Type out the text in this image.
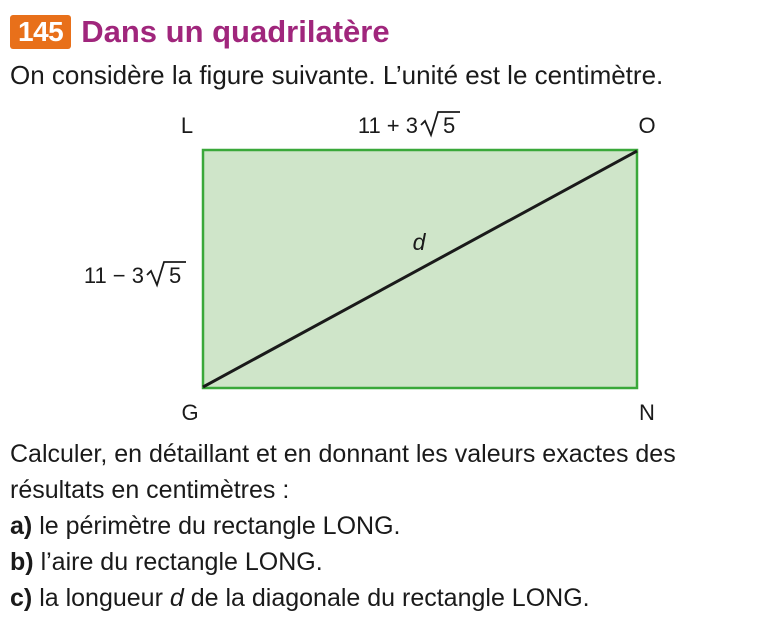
145 Dans un quadrilatère

On considère la figure suivante. L’unité est le centimètre.

L	O
G	N
11 + 3 5
11 − 3 5
d

Calculer, en détaillant et en donnant les valeurs exactes des

résultats en centimètres :

a) le périmètre du rectangle LONG.

b) l’aire du rectangle LONG.

c) la longueur d de la diagonale du rectangle LONG.
